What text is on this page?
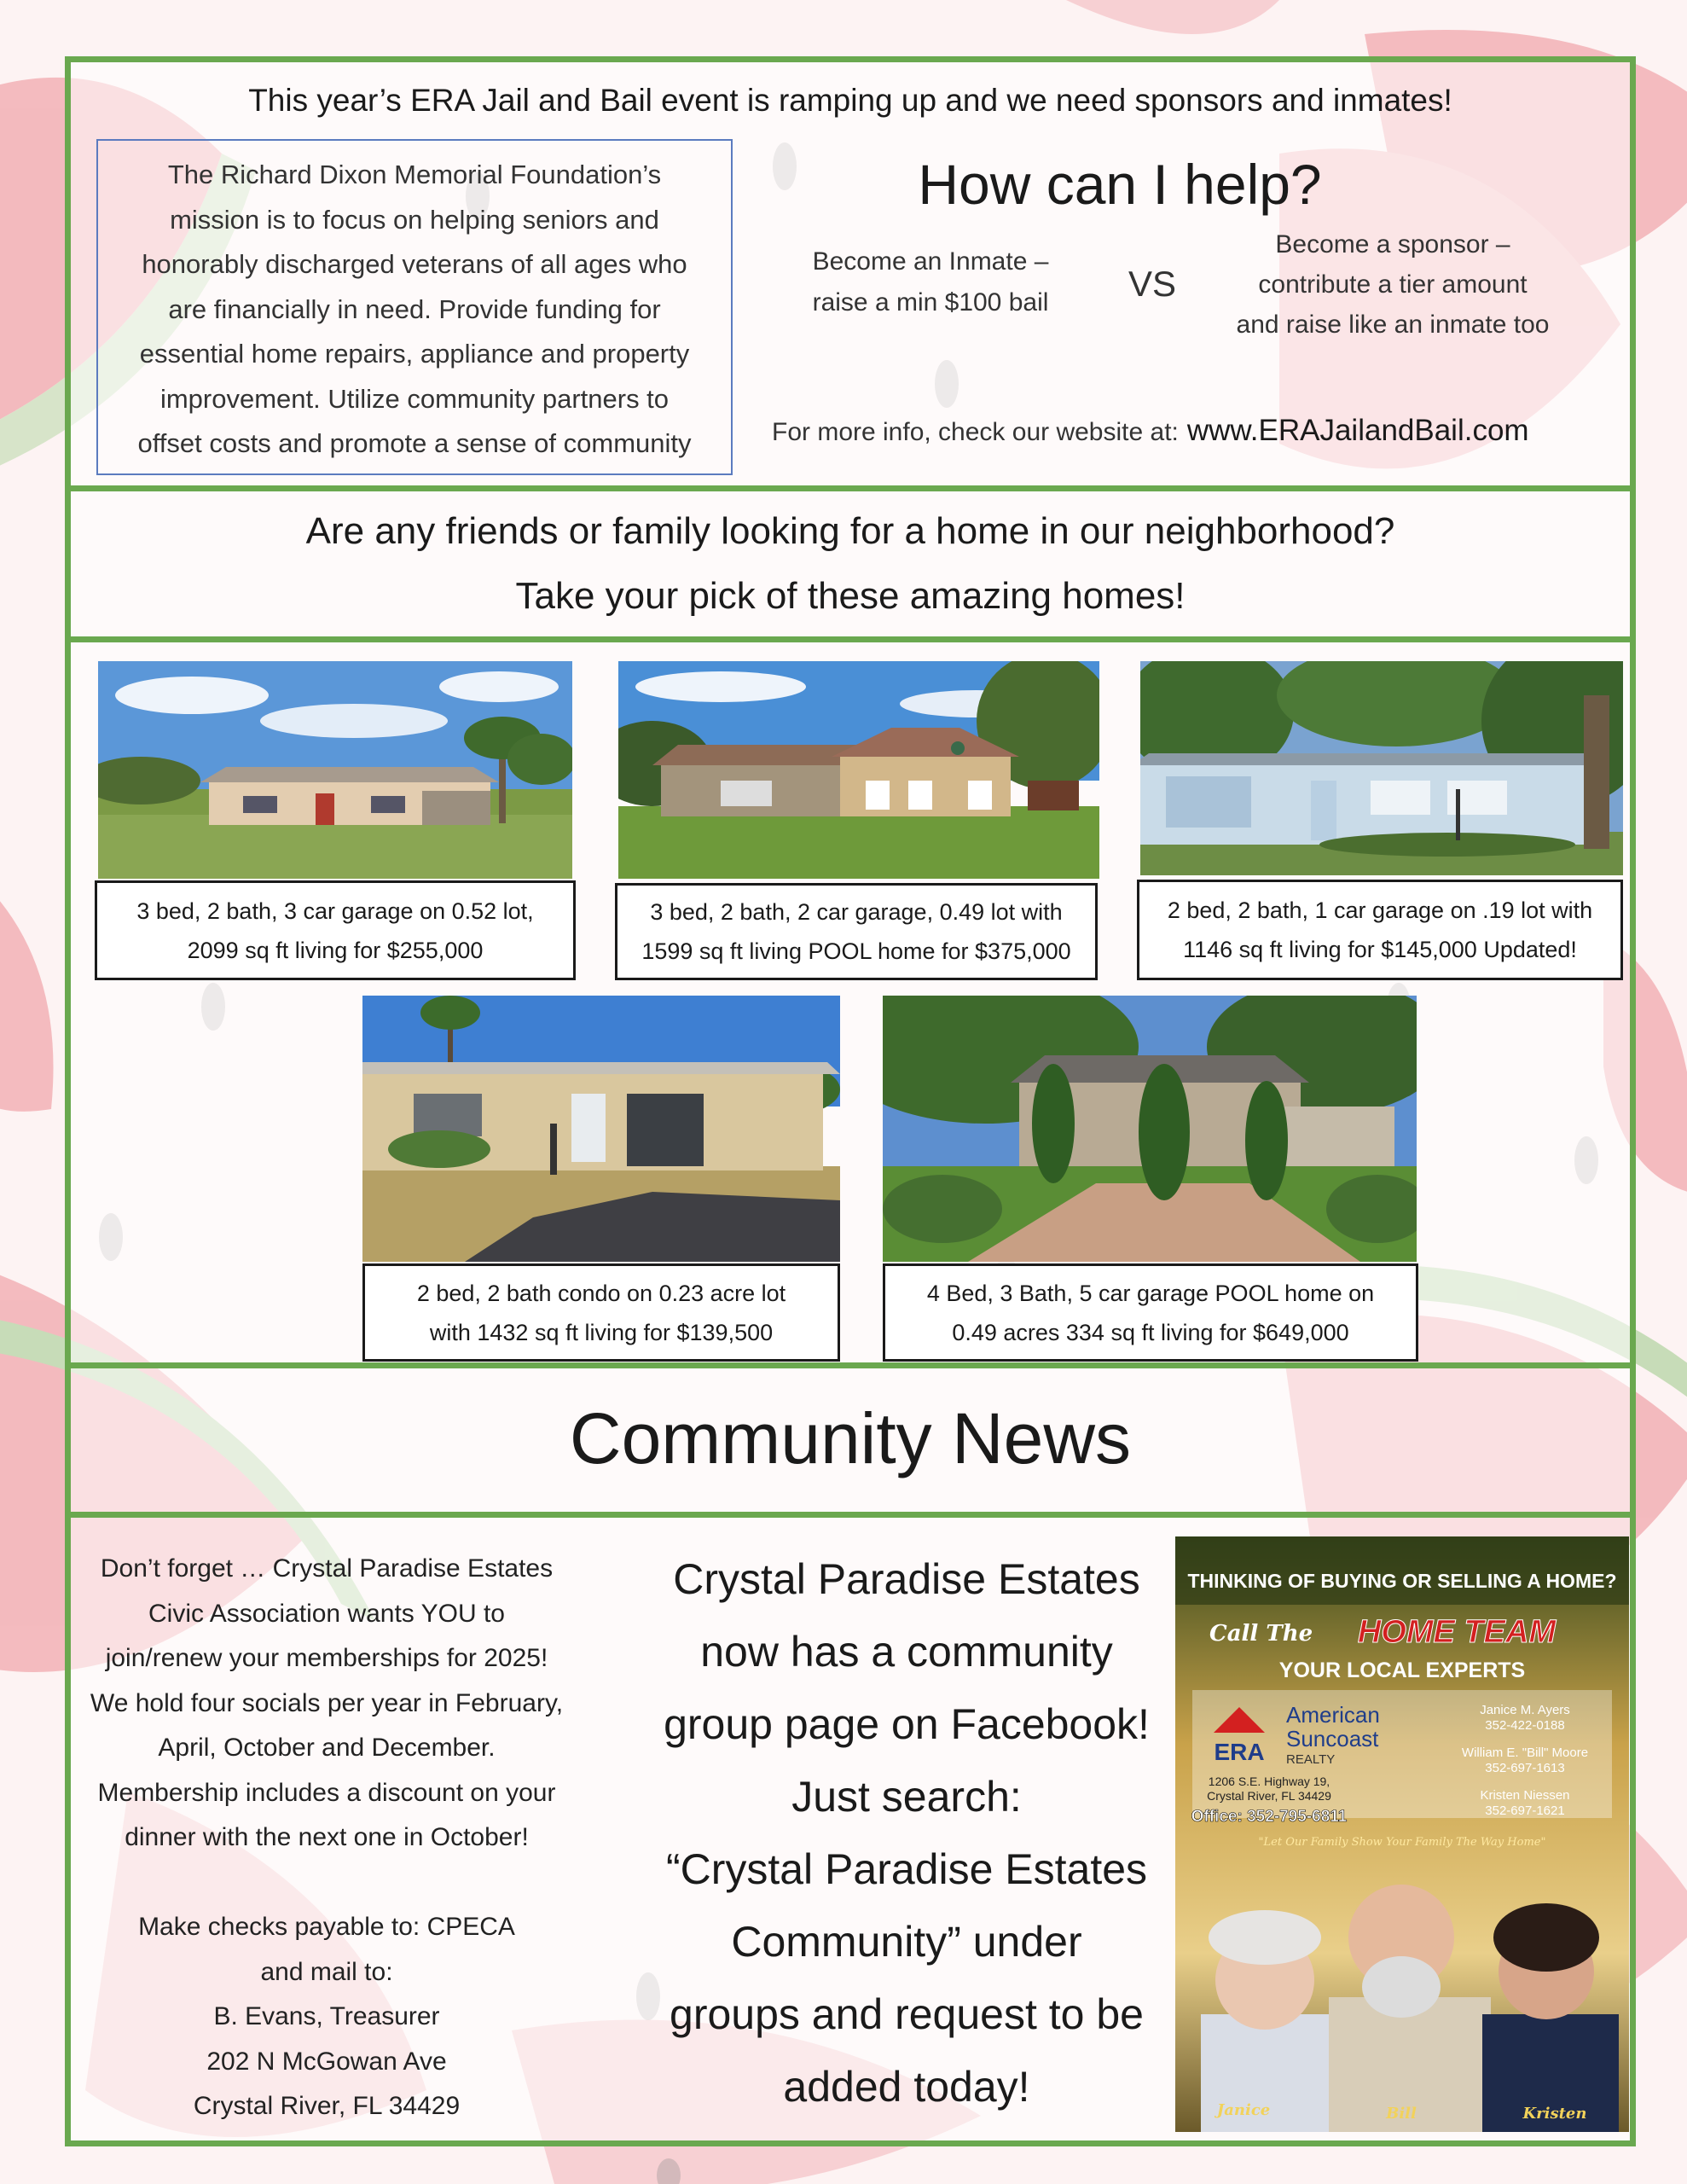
This year’s ERA Jail and Bail event is ramping up and we need sponsors and inmates!
The Richard Dixon Memorial Foundation’s
mission is to focus on helping seniors and
honorably discharged veterans of all ages who
are financially in need. Provide funding for
essential home repairs, appliance and property
improvement. Utilize community partners to
offset costs and promote a sense of community
How can I help?
Become an Inmate –
raise a min $100 bail	VS
Become a sponsor –
contribute a tier amount
and raise like an inmate too
For more info, check our website at: www.ERAJailandBail.com
Are any friends or family looking for a home in our neighborhood?
Take your pick of these amazing homes!
3 bed, 2 bath, 3 car garage on 0.52 lot,
2099 sq ft living for $255,000
3 bed, 2 bath, 2 car garage, 0.49 lot with
1599 sq ft living POOL home for $375,000
2 bed, 2 bath, 1 car garage on .19 lot with
1146 sq ft living for $145,000 Updated!
2 bed, 2 bath condo on 0.23 acre lot
with 1432 sq ft living for $139,500
4 Bed, 3 Bath, 5 car garage POOL home on
0.49 acres 334 sq ft living for $649,000
Community News
Don’t forget … Crystal Paradise Estates
Civic Association wants YOU to
join/renew your memberships for 2025!
We hold four socials per year in February,
April, October and December.
Membership includes a discount on your
dinner with the next one in October!
Make checks payable to: CPECA
and mail to:
B. Evans, Treasurer
202 N McGowan Ave
Crystal River, FL 34429
Crystal Paradise Estates
now has a community
group page on Facebook!
Just search:
“Crystal Paradise Estates
Community” under
groups and request to be
added today!
THINKING OF BUYING OR SELLING A HOME?
Call The HOME TEAM
YOUR LOCAL EXPERTS
ERA
American
Suncoast
REALTY
1206 S.E. Highway 19,
Crystal River, FL 34429
Office: 352-795-6811
Janice M. Ayers
352-422-0188
William E. "Bill" Moore
352-697-1613
Kristen Niessen
352-697-1621
"Let Our Family Show Your Family The Way Home"
Janice	Bill	Kristen
